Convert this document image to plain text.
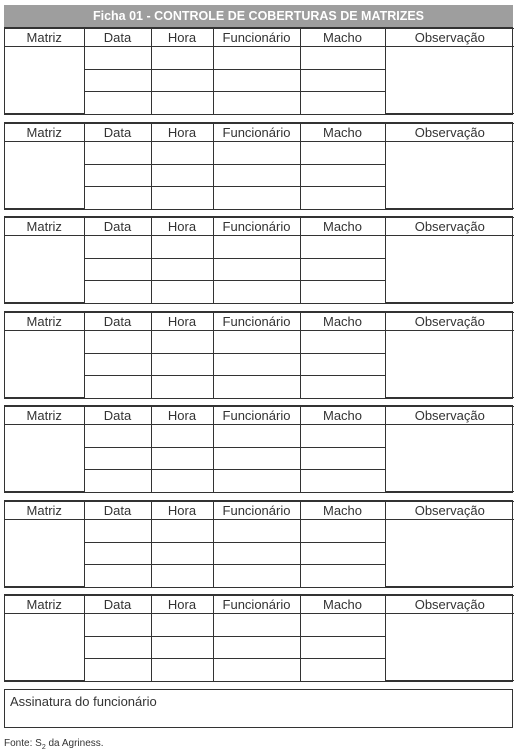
Ficha 01 - CONTROLE DE COBERTURAS DE MATRIZES
Matriz	Data	Hora	Funcionário	Macho	Observação

Matriz	Data	Hora	Funcionário	Macho	Observação

Matriz	Data	Hora	Funcionário	Macho	Observação

Matriz	Data	Hora	Funcionário	Macho	Observação

Matriz	Data	Hora	Funcionário	Macho	Observação

Matriz	Data	Hora	Funcionário	Macho	Observação

Matriz	Data	Hora	Funcionário	Macho	Observação

Assinatura do funcionário
Fonte: $S_2$ da Agriness.
